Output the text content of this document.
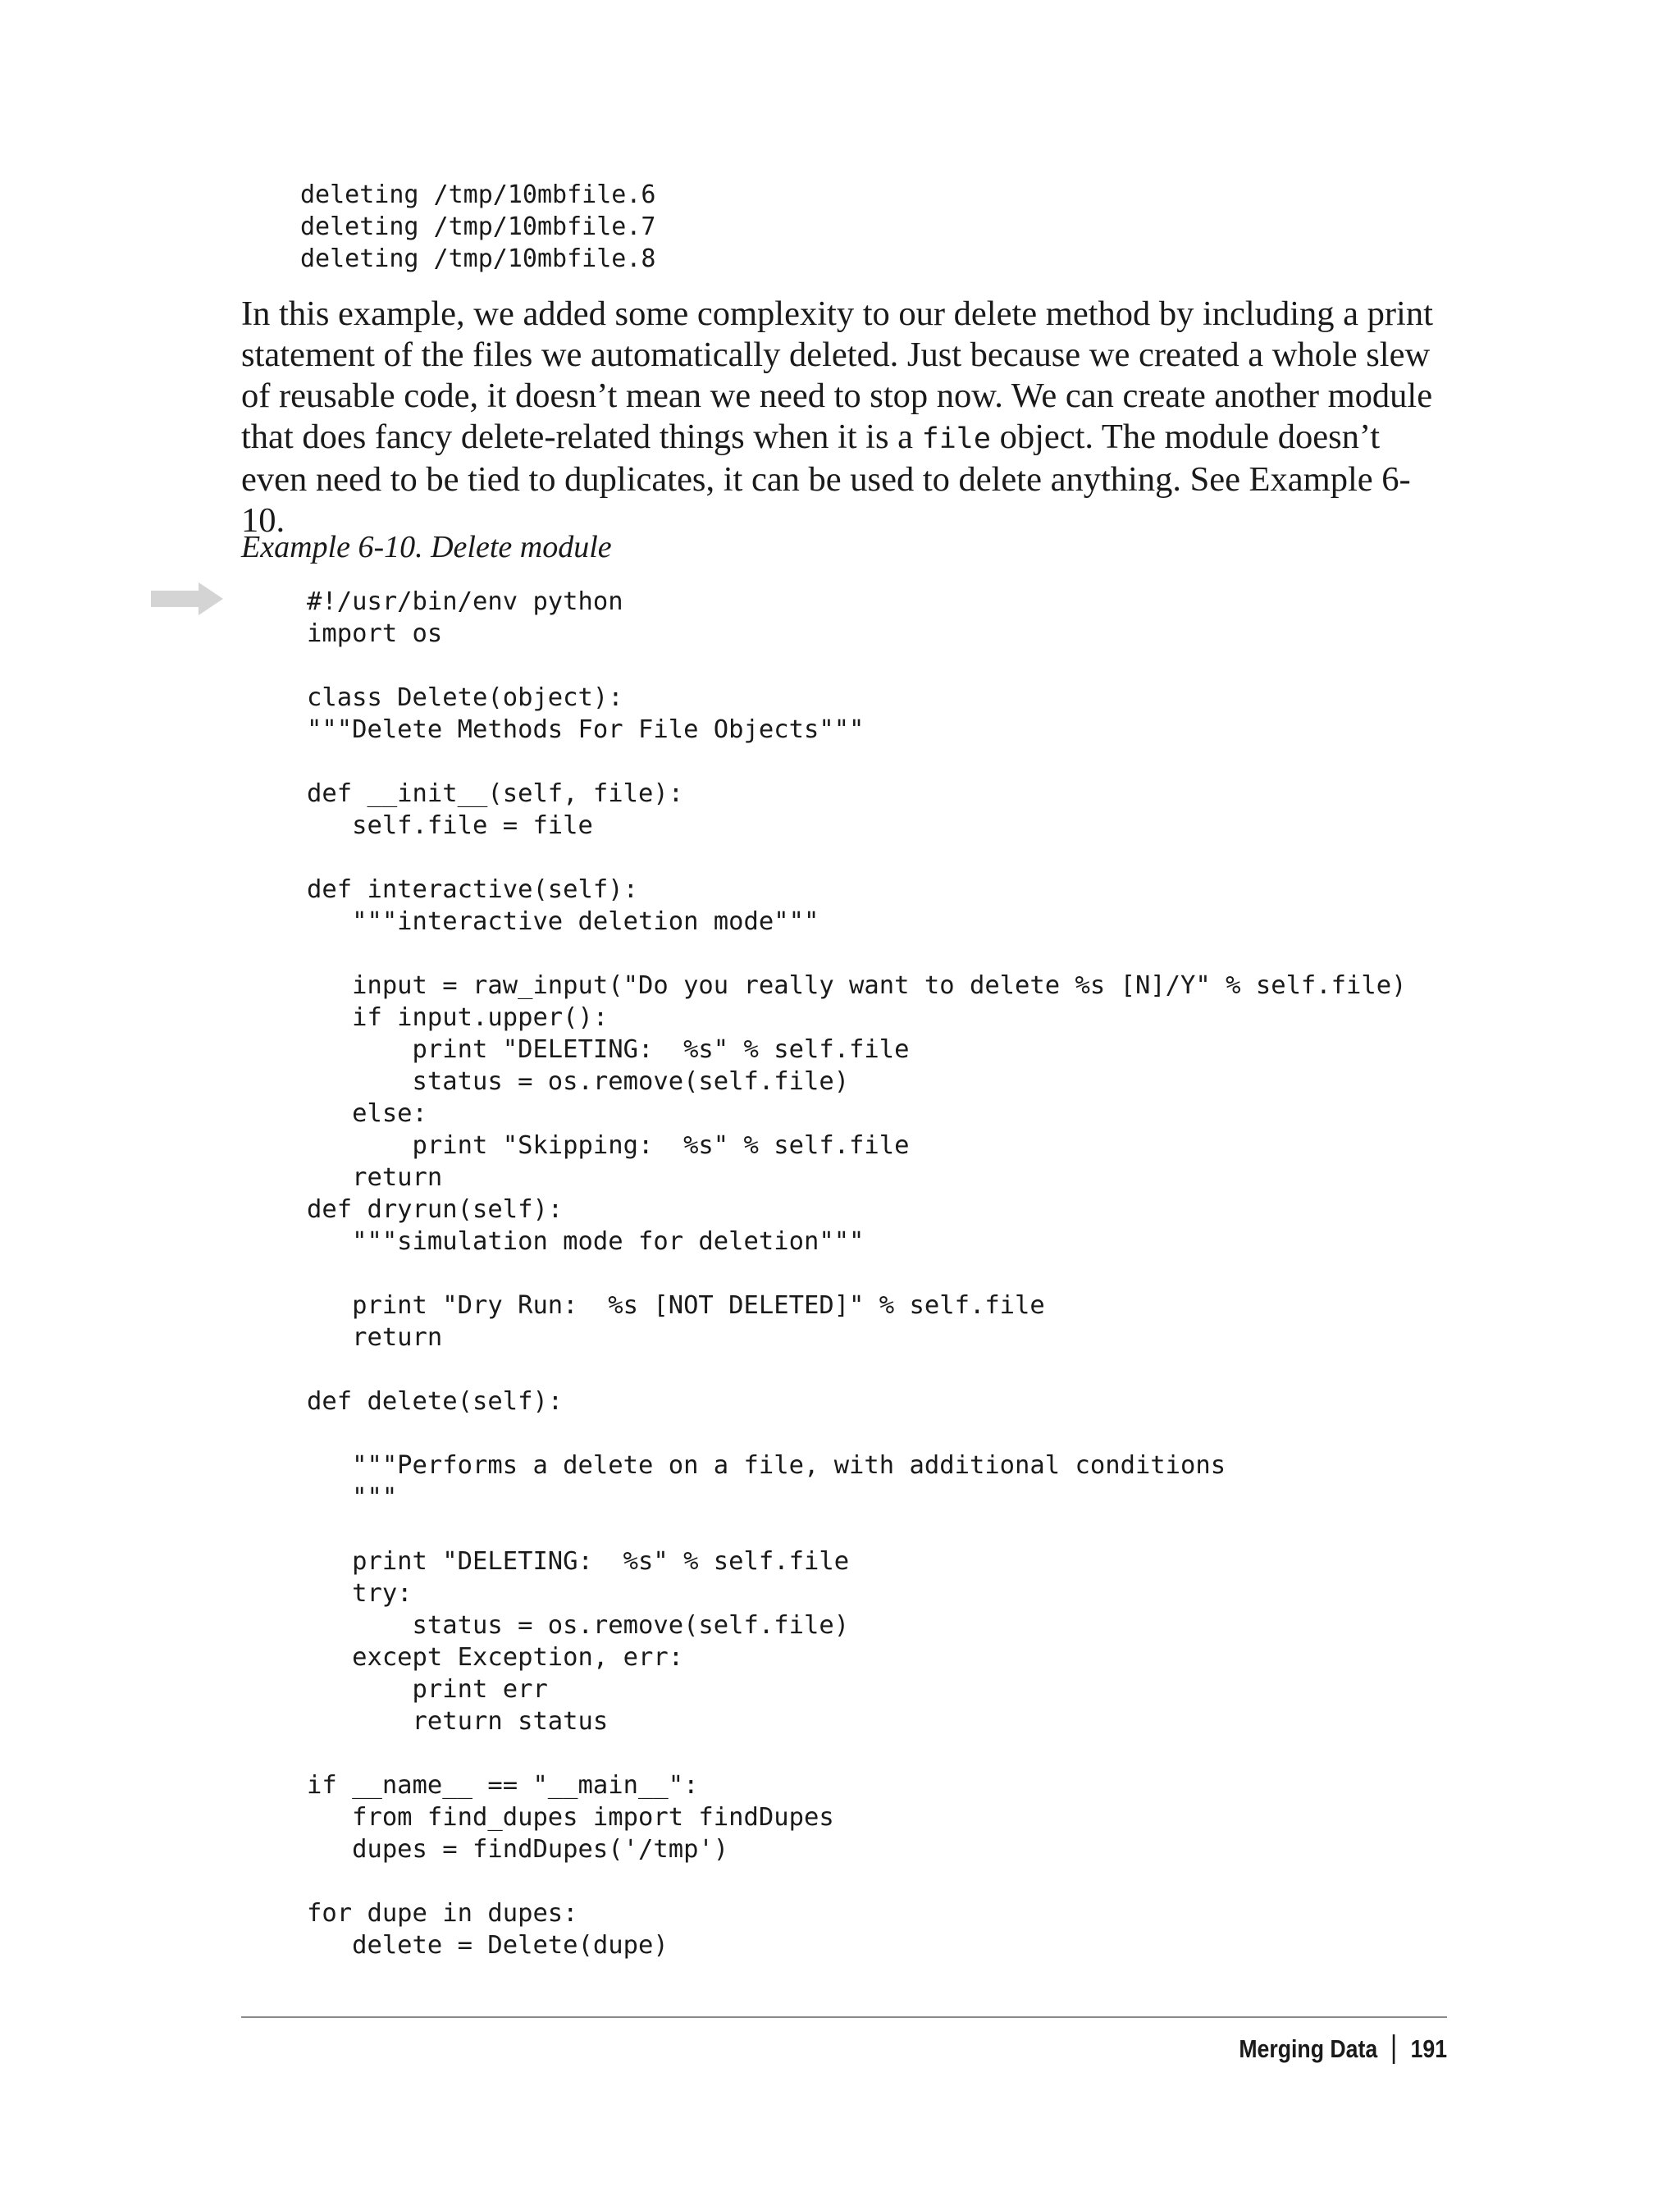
deleting /tmp/10mbfile.6
deleting /tmp/10mbfile.7
deleting /tmp/10mbfile.8

In this example, we added some complexity to our delete method by including a print statement of the files we automatically deleted. Just because we created a whole slew of reusable code, it doesn’t mean we need to stop now. We can create another module that does fancy delete-related things when it is a file object. The module doesn’t even need to be tied to duplicates, it can be used to delete anything. See Example 6-10.

Example 6-10. Delete module

#!/usr/bin/env python
import os

class Delete(object):
"""Delete Methods For File Objects"""

def __init__(self, file):
self.file = file

def interactive(self):
"""interactive deletion mode"""

input = raw_input("Do you really want to delete %s [N]/Y" % self.file)
if input.upper():
print "DELETING:  %s" % self.file
status = os.remove(self.file)
else:
print "Skipping:  %s" % self.file
return
def dryrun(self):
"""simulation mode for deletion"""

print "Dry Run:  %s [NOT DELETED]" % self.file
return

def delete(self):

"""Performs a delete on a file, with additional conditions
"""

print "DELETING:  %s" % self.file
try:
status = os.remove(self.file)
except Exception, err:
print err
return status

if __name__ == "__main__":
from find_dupes import findDupes
dupes = findDupes('/tmp')

for dupe in dupes:
delete = Delete(dupe)
Merging Data 191
